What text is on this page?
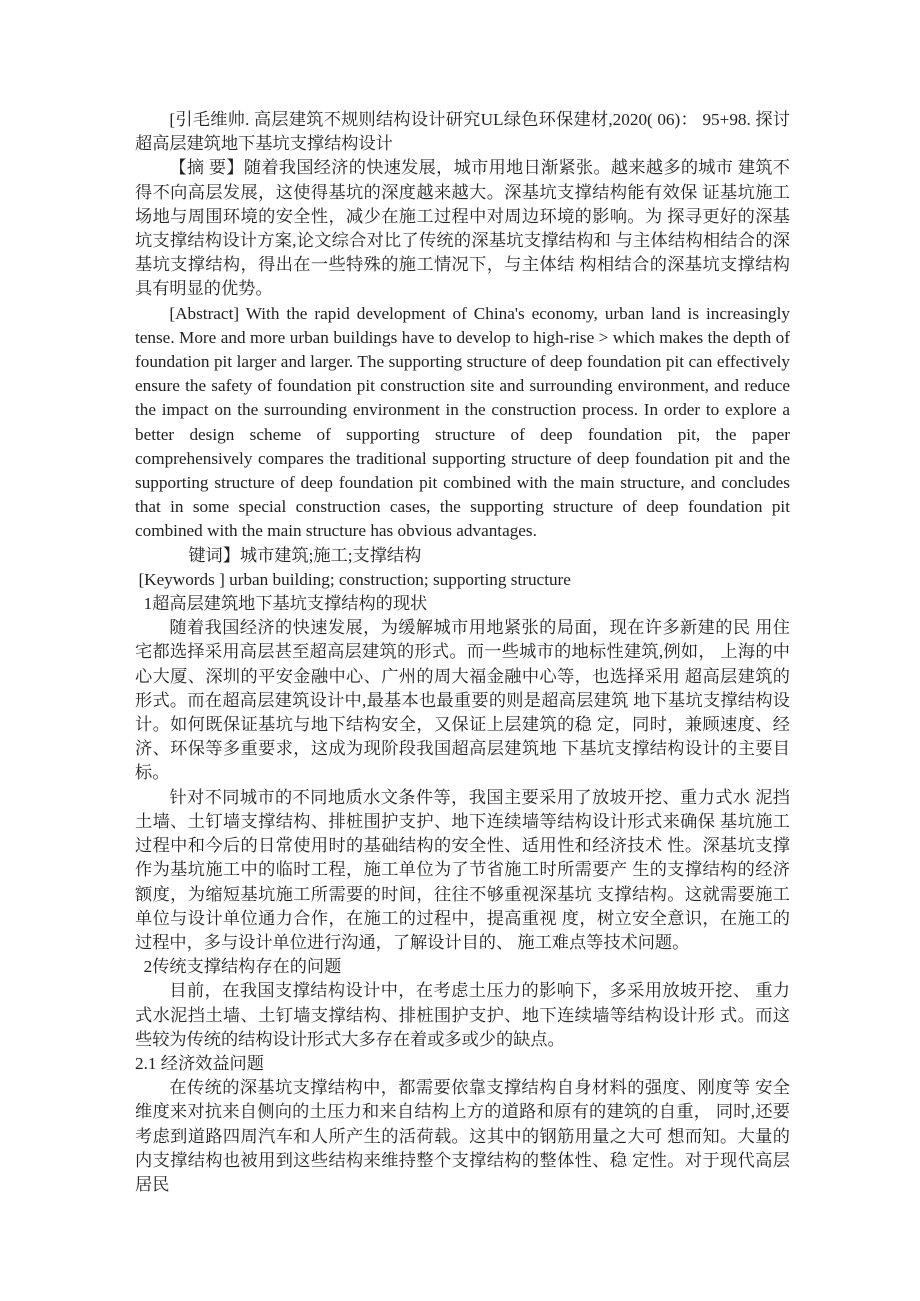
[引毛维帅. 高层建筑不规则结构设计研究UL绿色环保建材,2020( 06)： 95+98. 探讨超高层建筑地下基坑支撑结构设计

【摘 要】随着我国经济的快速发展，城市用地日渐紧张。越来越多的城市 建筑不得不向高层发展，这使得基坑的深度越来越大。深基坑支撑结构能有效保 证基坑施工场地与周围环境的安全性，减少在施工过程中对周边环境的影响。为 探寻更好的深基坑支撑结构设计方案,论文综合对比了传统的深基坑支撑结构和 与主体结构相结合的深基坑支撑结构，得出在一些特殊的施工情况下，与主体结 构相结合的深基坑支撑结构具有明显的优势。

[Abstract] With the rapid development of China's economy, urban land is increasingly tense. More and more urban buildings have to develop to high-rise > which makes the depth of foundation pit larger and larger. The supporting structure of deep foundation pit can effectively ensure the safety of foundation pit construction site and surrounding environment, and reduce the impact on the surrounding environment in the construction process. In order to explore a better design scheme of supporting structure of deep foundation pit, the paper comprehensively compares the traditional supporting structure of deep foundation pit and the supporting structure of deep foundation pit combined with the main structure, and concludes that in some special construction cases, the supporting structure of deep foundation pit combined with the main structure has obvious advantages.

键词】城市建筑;施工;支撑结构

[Keywords ] urban building; construction; supporting structure

1超高层建筑地下基坑支撑结构的现状

随着我国经济的快速发展，为缓解城市用地紧张的局面，现在许多新建的民 用住宅都选择采用高层甚至超高层建筑的形式。而一些城市的地标性建筑,例如， 上海的中心大厦、深圳的平安金融中心、广州的周大福金融中心等，也选择采用 超高层建筑的形式。而在超高层建筑设计中,最基本也最重要的则是超高层建筑 地下基坑支撑结构设计。如何既保证基坑与地下结构安全，又保证上层建筑的稳 定，同时，兼顾速度、经济、环保等多重要求，这成为现阶段我国超高层建筑地 下基坑支撑结构设计的主要目标。

针对不同城市的不同地质水文条件等，我国主要采用了放坡开挖、重力式水 泥挡土墙、土钉墙支撑结构、排桩围护支护、地下连续墙等结构设计形式来确保 基坑施工过程中和今后的日常使用时的基础结构的安全性、适用性和经济技术 性。深基坑支撑作为基坑施工中的临时工程，施工单位为了节省施工时所需要产 生的支撑结构的经济额度，为缩短基坑施工所需要的时间，往往不够重视深基坑 支撑结构。这就需要施工单位与设计单位通力合作，在施工的过程中，提高重视 度，树立安全意识，在施工的过程中，多与设计单位进行沟通，了解设计目的、 施工难点等技术问题。

2传统支撑结构存在的问题

目前，在我国支撑结构设计中，在考虑土压力的影响下，多采用放坡开挖、 重力式水泥挡土墙、土钉墙支撑结构、排桩围护支护、地下连续墙等结构设计形 式。而这些较为传统的结构设计形式大多存在着或多或少的缺点。

2.1 经济效益问题

在传统的深基坑支撑结构中，都需要依靠支撑结构自身材料的强度、刚度等 安全维度来对抗来自侧向的土压力和来自结构上方的道路和原有的建筑的自重， 同时,还要考虑到道路四周汽车和人所产生的活荷载。这其中的钢筋用量之大可 想而知。大量的内支撑结构也被用到这些结构来维持整个支撑结构的整体性、稳 定性。对于现代高层居民
